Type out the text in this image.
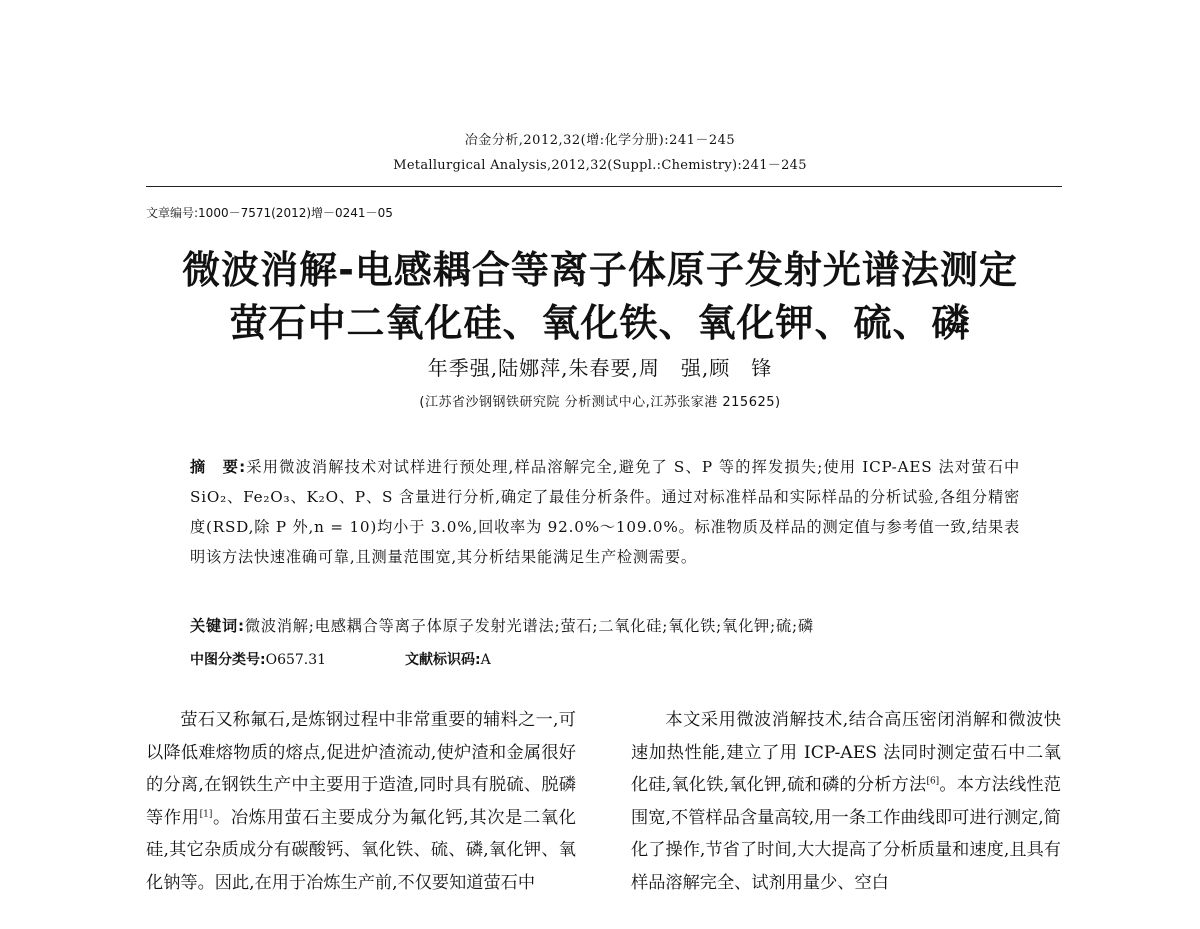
冶金分析,2012,32(增:化学分册):241－245
Metallurgical Analysis,2012,32(Suppl.:Chemistry):241－245
文章编号:1000－7571(2012)增－0241－05
微波消解-电感耦合等离子体原子发射光谱法测定
萤石中二氧化硅、氧化铁、氧化钾、硫、磷
年季强,陆娜萍,朱春要,周　强,顾　锋
(江苏省沙钢钢铁研究院 分析测试中心,江苏张家港 215625)
摘　要:采用微波消解技术对试样进行预处理,样品溶解完全,避免了 S、P 等的挥发损失;使用 ICP-AES 法对萤石中 SiO₂、Fe₂O₃、K₂O、P、S 含量进行分析,确定了最佳分析条件。通过对标准样品和实际样品的分析试验,各组分精密度(RSD,除 P 外,n = 10)均小于 3.0%,回收率为 92.0%～109.0%。标准物质及样品的测定值与参考值一致,结果表明该方法快速准确可靠,且测量范围宽,其分析结果能满足生产检测需要。
关键词:微波消解;电感耦合等离子体原子发射光谱法;萤石;二氧化硅;氧化铁;氧化钾;硫;磷
中图分类号:O657.31	文献标识码:A
萤石又称氟石,是炼钢过程中非常重要的辅料之一,可以降低难熔物质的熔点,促进炉渣流动,使炉渣和金属很好的分离,在钢铁生产中主要用于造渣,同时具有脱硫、脱磷等作用[1]。冶炼用萤石主要成分为氟化钙,其次是二氧化硅,其它杂质成分有碳酸钙、氧化铁、硫、磷,氧化钾、氧化钠等。因此,在用于冶炼生产前,不仅要知道萤石中
本文采用微波消解技术,结合高压密闭消解和微波快速加热性能,建立了用 ICP-AES 法同时测定萤石中二氧化硅,氧化铁,氧化钾,硫和磷的分析方法[6]。本方法线性范围宽,不管样品含量高较,用一条工作曲线即可进行测定,简化了操作,节省了时间,大大提高了分析质量和速度,且具有样品溶解完全、试剂用量少、空白
